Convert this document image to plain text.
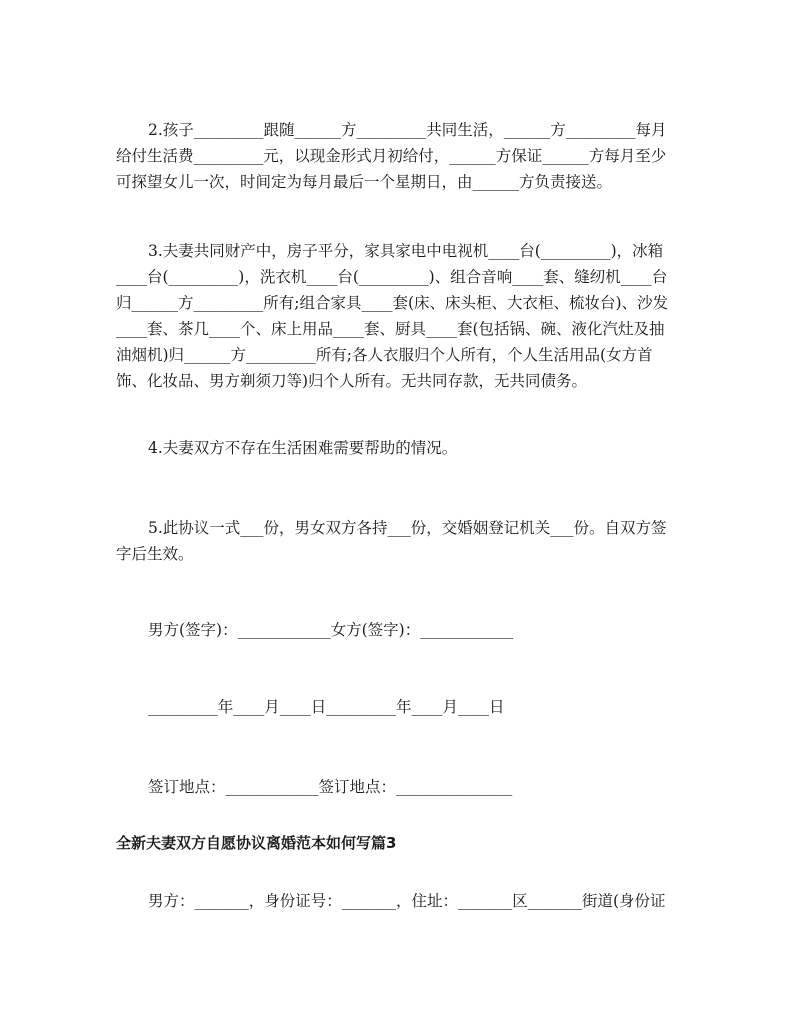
2.孩子_________跟随______方_________共同生活，______方_________每月
给付生活费_________元，以现金形式月初给付，______方保证______方每月至少
可探望女儿一次，时间定为每月最后一个星期日，由______方负责接送。

3.夫妻共同财产中，房子平分，家具家电中电视机____台(_________)，冰箱
____台(_________)，洗衣机____台(_________)、组合音响____套、缝纫机____台
归______方_________所有;组合家具____套(床、床头柜、大衣柜、梳妆台)、沙发
____套、茶几____个、床上用品____套、厨具____套(包括锅、碗、液化汽灶及抽
油烟机)归______方_________所有;各人衣服归个人所有，个人生活用品(女方首
饰、化妆品、男方剃须刀等)归个人所有。无共同存款，无共同债务。

4.夫妻双方不存在生活困难需要帮助的情况。

5.此协议一式___份，男女双方各持___份，交婚姻登记机关___份。自双方签
字后生效。

男方(签字)：____________女方(签字)：____________

_________年____月____日_________年____月____日

签订地点：____________签订地点：_______________

全新夫妻双方自愿协议离婚范本如何写篇3

男方：_______，身份证号：_______，住址：_______区_______街道(身份证
